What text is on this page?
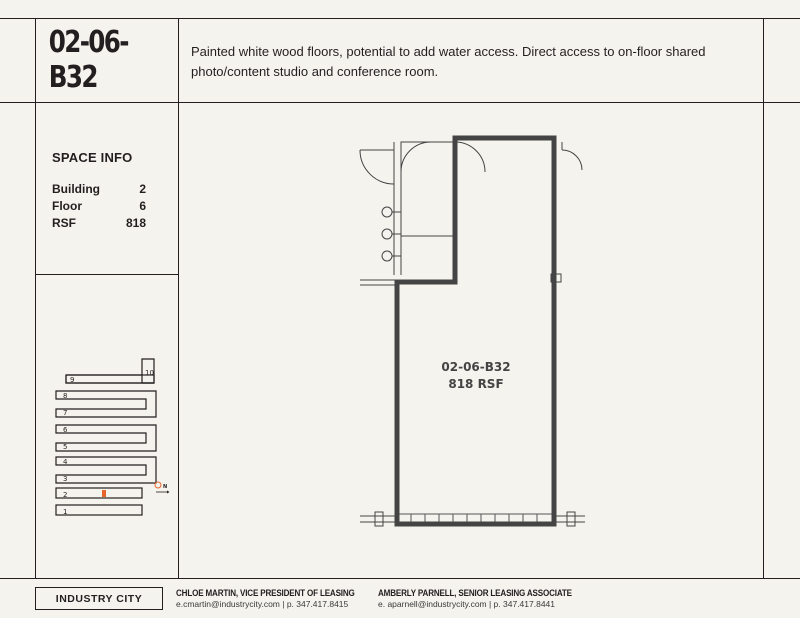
02-06-B32
Painted white wood floors, potential to add water access. Direct access to on-floor shared photo/content studio and conference room.
SPACE INFO
Building	2
Floor	6
RSF	818
10
9
8
7
6
5
4
3
2
1
N
02-06-B32
818 RSF
INDUSTRY CITY	CHLOE MARTIN, VICE PRESIDENT OF LEASING
e.cmartin@industrycity.com | p. 347.417.8415
AMBERLY PARNELL, SENIOR LEASING ASSOCIATE
e. aparnell@industrycity.com | p. 347.417.8441
